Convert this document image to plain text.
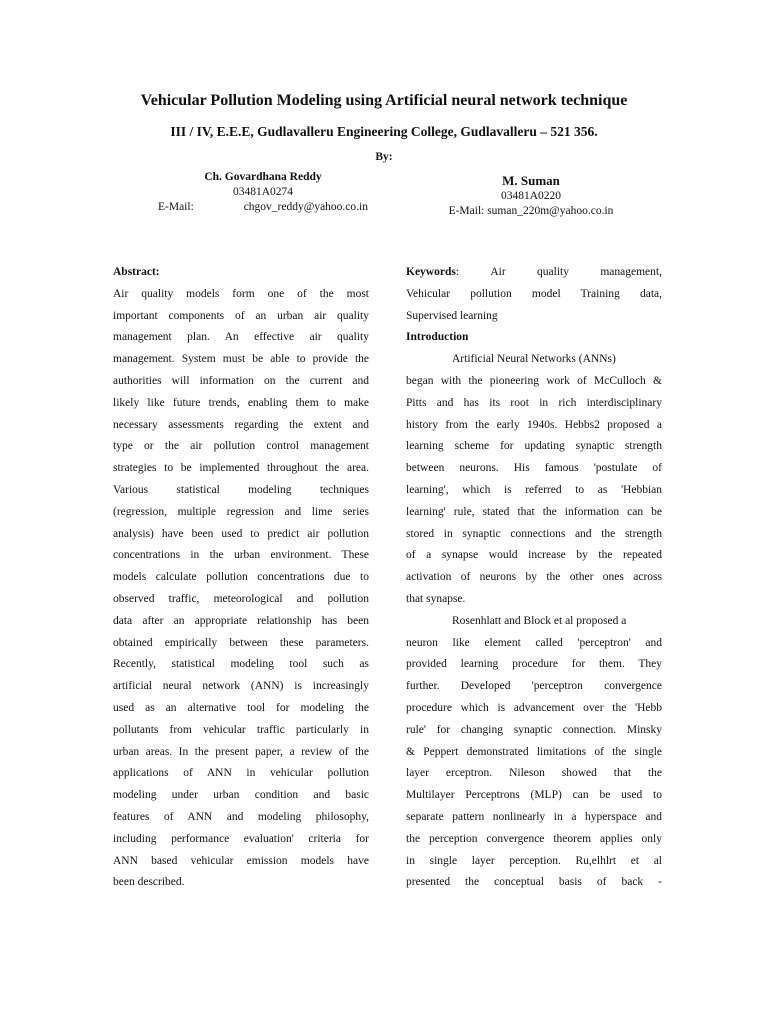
Vehicular Pollution Modeling using Artificial neural network technique
III / IV, E.E.E, Gudlavalleru Engineering College, Gudlavalleru – 521 356.
By:
Ch. Govardhana Reddy
03481A0274
E-Mail:	chgov_reddy@yahoo.co.in
M. Suman
03481A0220
E-Mail: suman_220m@yahoo.co.in
Abstract:
Air quality models form one of the most
important components of an urban air quality
management plan. An effective air quality
management. System must be able to provide the
authorities will information on the current and
likely like future trends, enabling them to make
necessary assessments regarding the extent and
type or the air pollution control management
strategies to be implemented throughout the area.
Various statistical modeling techniques
(regression, multiple regression and lime series
analysis) have been used to predict air pollution
concentrations in the urban environment. These
models calculate pollution concentrations due to
observed traffic, meteorological and pollution
data after an appropriate relationship has been
obtained empirically between these parameters.
Recently, statistical modeling tool such as
artificial neural network (ANN) is increasingly
used as an alternative tool for modeling the
pollutants from vehicular traffic particularly in
urban areas. In the present paper, a review of the
applications of ANN in vehicular pollution
modeling under urban condition and basic
features of ANN and modeling philosophy,
including performance evaluation' criteria for
ANN based vehicular emission models have
been described.
Keywords:	Air	quality	management,
Vehicular pollution model Training data,
Supervised learning
Introduction
Artificial Neural Networks (ANNs)
began with the pioneering work of McCulloch &
Pitts and has its root in rich interdisciplinary
history from the early 1940s. Hebbs2 proposed a
learning scheme for updating synaptic strength
between neurons. His famous 'postulate of
learning', which is referred to as 'Hebbian
learning' rule, stated that the information can be
stored in synaptic connections and the strength
of a synapse would increase by the repeated
activation of neurons by the other ones across
that synapse.
Rosenhlatt and Block et al proposed a
neuron like element called 'perceptron' and
provided learning procedure for them. They
further. Developed 'perceptron convergence
procedure which is advancement over the 'Hebb
rule' for changing synaptic connection. Minsky
& Peppert demonstrated limitations of the single
layer erceptron. Nileson showed that the
Multilayer Perceptrons (MLP) can be used to
separate pattern nonlinearly in a hyperspace and
the perception convergence theorem applies only
in single layer perception. Ru,elhlrt et al
presented the conceptual basis of back -
